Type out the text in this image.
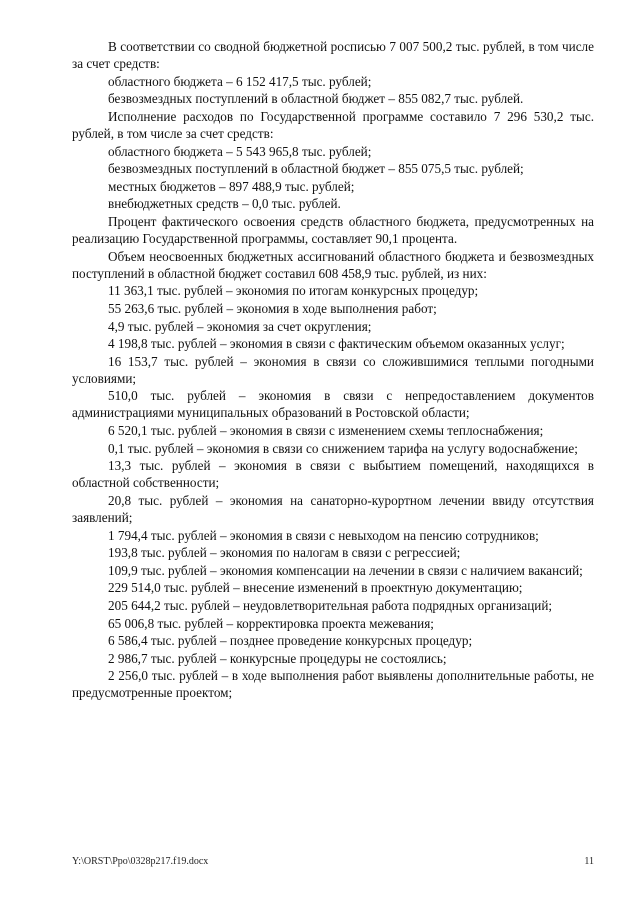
В соответствии со сводной бюджетной росписью 7 007 500,2 тыс. рублей, в том числе за счет средств:

областного бюджета – 6 152 417,5 тыс. рублей;

безвозмездных поступлений в областной бюджет – 855 082,7 тыс. рублей.

Исполнение расходов по Государственной программе составило 7 296 530,2 тыс. рублей, в том числе за счет средств:

областного бюджета – 5 543 965,8 тыс. рублей;

безвозмездных поступлений в областной бюджет – 855 075,5 тыс. рублей;

местных бюджетов – 897 488,9 тыс. рублей;

внебюджетных средств – 0,0 тыс. рублей.

Процент фактического освоения средств областного бюджета, предусмотренных на реализацию Государственной программы, составляет 90,1 процента.

Объем неосвоенных бюджетных ассигнований областного бюджета и безвозмездных поступлений в областной бюджет составил 608 458,9 тыс. рублей, из них:

11 363,1 тыс. рублей – экономия по итогам конкурсных процедур;

55 263,6 тыс. рублей – экономия в ходе выполнения работ;

4,9 тыс. рублей – экономия за счет округления;

4 198,8 тыс. рублей – экономия в связи с фактическим объемом оказанных услуг;

16 153,7 тыс. рублей – экономия в связи со сложившимися теплыми погодными условиями;

510,0 тыс. рублей – экономия в связи с непредоставлением документов администрациями муниципальных образований в Ростовской области;

6 520,1 тыс. рублей – экономия в связи с изменением схемы теплоснабжения;

0,1 тыс. рублей – экономия в связи со снижением тарифа на услугу водоснабжение;

13,3 тыс. рублей – экономия в связи с выбытием помещений, находящихся в областной собственности;

20,8 тыс. рублей – экономия на санаторно-курортном лечении ввиду отсутствия заявлений;

1 794,4 тыс. рублей – экономия в связи с невыходом на пенсию сотрудников;

193,8 тыс. рублей – экономия по налогам в связи с регрессией;

109,9 тыс. рублей – экономия компенсации на лечении в связи с наличием вакансий;

229 514,0 тыс. рублей – внесение изменений в проектную документацию;

205 644,2 тыс. рублей – неудовлетворительная работа подрядных организаций;

65 006,8 тыс. рублей – корректировка проекта межевания;

6 586,4 тыс. рублей – позднее проведение конкурсных процедур;

2 986,7 тыс. рублей – конкурсные процедуры не состоялись;

2 256,0 тыс. рублей – в ходе выполнения работ выявлены дополнительные работы, не предусмотренные проектом;

Y:\ORST\Ppo\0328p217.f19.docx	11
